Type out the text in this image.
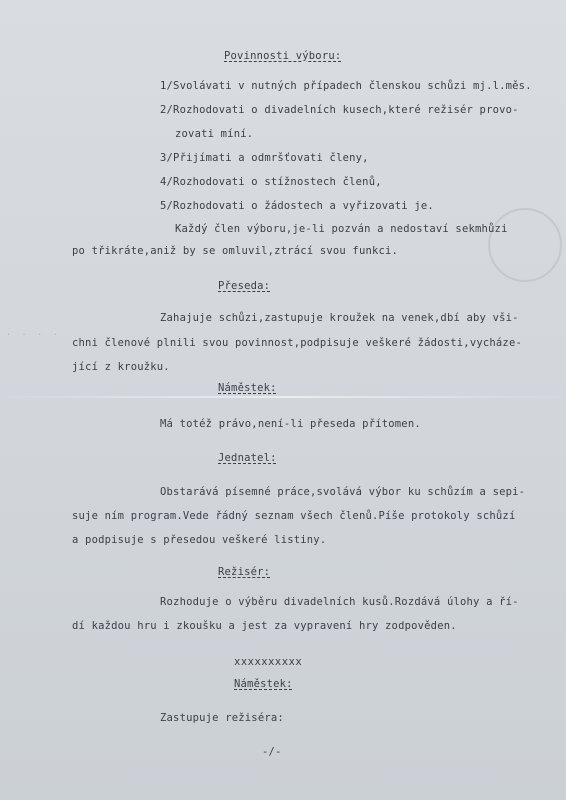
· · · ·
Povinnosti výboru:
1/Svolávati v nutných případech členskou schůzi mj.l.měs.
2/Rozhodovati o divadelních kusech,které režisér provo-
zovati míní.
3/Přijímati a odmršťovati členy,
4/Rozhodovati o stížnostech členů,
5/Rozhodovati o žádostech a vyřizovati je.
Každý člen výboru,je-li pozván a nedostaví sekmhůzi
po třikráte,aniž by se omluvil,ztrácí svou funkci.
Přeseda:
Zahajuje schůzi,zastupuje kroužek na venek,dbí aby vši-
chni členové plnili svou povinnost,podpisuje veškeré žádosti,vycháze-
jící z kroužku.
Náměstek:
Má totéž právo,není-li přeseda přítomen.
Jednatel:
Obstarává písemné práce,svolává výbor ku schůzím a sepi-
suje ním program.Vede řádný seznam všech členů.Píše protokoly schůzí
a podpisuje s přesedou veškeré listiny.
Režisér:
Rozhoduje o výběru divadelních kusů.Rozdává úlohy a ří-
dí každou hru i zkoušku a jest za vypravení hry zodpověden.
xxxxxxxxxx
Náměstek:
Zastupuje režiséra:
-/-
